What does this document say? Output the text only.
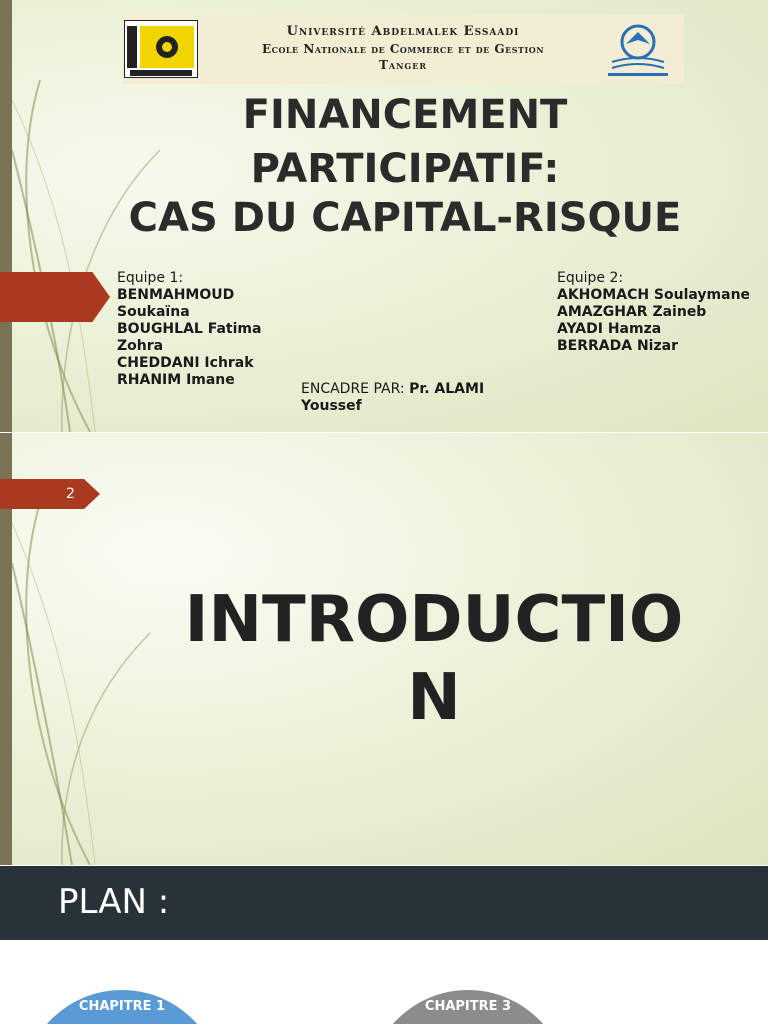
Université Abdelmalek Essaadi
Ecole Nationale de Commerce et de Gestion
Tanger
FINANCEMENT
PARTICIPATIF:
CAS DU CAPITAL-RISQUE
Equipe 1:
BENMAHMOUD
Soukaïna
BOUGHLAL Fatima
Zohra
CHEDDANI Ichrak
RHANIM Imane
Equipe 2:
AKHOMACH Soulaymane
AMAZGHAR Zaineb
AYADI Hamza
BERRADA Nizar
ENCADRE PAR: Pr. ALAMI
Youssef
2
INTRODUCTIO
N
PLAN :
CHAPITRE 1	CHAPITRE 3
